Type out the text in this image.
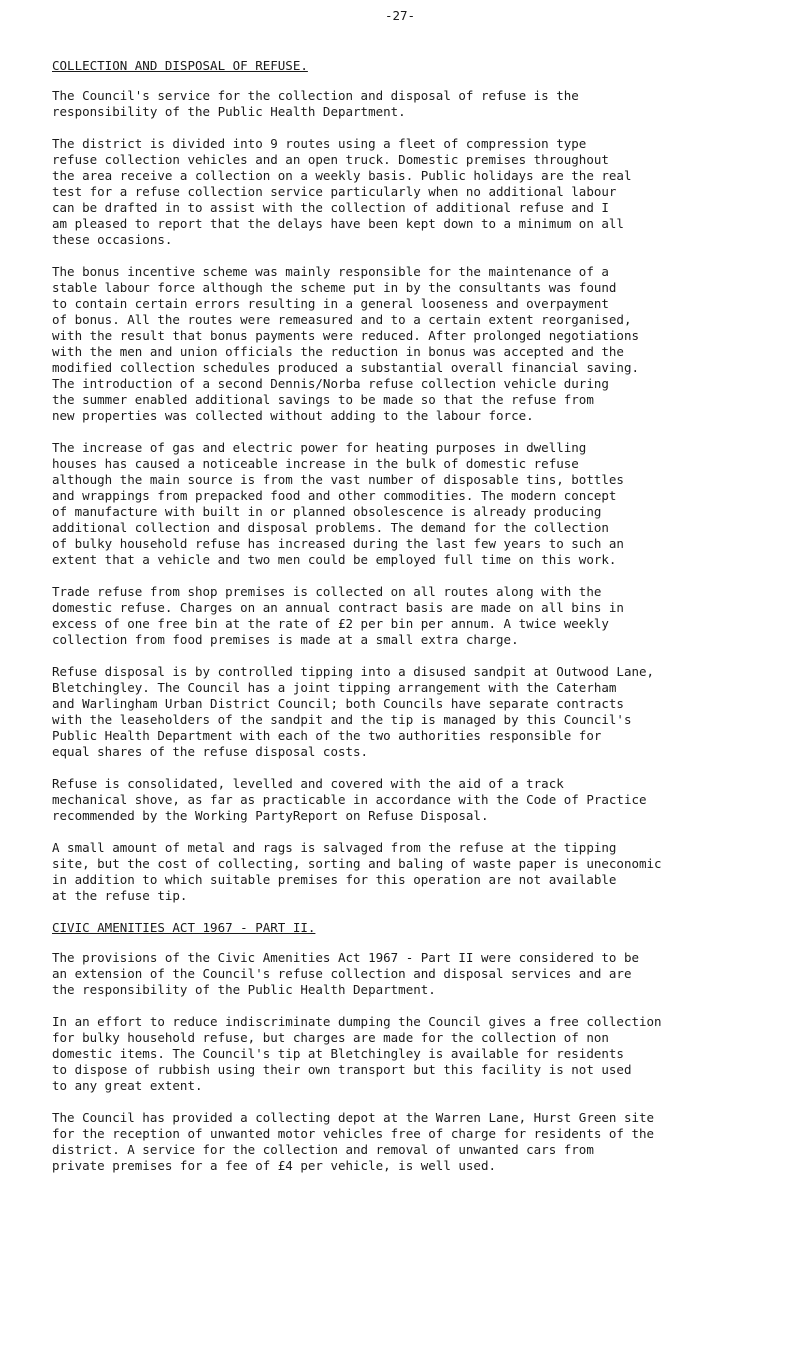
-27-
COLLECTION AND DISPOSAL OF REFUSE.

The Council's service for the collection and disposal of refuse is the
responsibility of the Public Health Department.

The district is divided into 9 routes using a fleet of compression type
refuse collection vehicles and an open truck. Domestic premises throughout
the area receive a collection on a weekly basis. Public holidays are the real
test for a refuse collection service particularly when no additional labour
can be drafted in to assist with the collection of additional refuse and I
am pleased to report that the delays have been kept down to a minimum on all
these occasions.

The bonus incentive scheme was mainly responsible for the maintenance of a
stable labour force although the scheme put in by the consultants was found
to contain certain errors resulting in a general looseness and overpayment
of bonus. All the routes were remeasured and to a certain extent reorganised,
with the result that bonus payments were reduced. After prolonged negotiations
with the men and union officials the reduction in bonus was accepted and the
modified collection schedules produced a substantial overall financial saving.
The introduction of a second Dennis/Norba refuse collection vehicle during
the summer enabled additional savings to be made so that the refuse from
new properties was collected without adding to the labour force.

The increase of gas and electric power for heating purposes in dwelling
houses has caused a noticeable increase in the bulk of domestic refuse
although the main source is from the vast number of disposable tins, bottles
and wrappings from prepacked food and other commodities. The modern concept
of manufacture with built in or planned obsolescence is already producing
additional collection and disposal problems. The demand for the collection
of bulky household refuse has increased during the last few years to such an
extent that a vehicle and two men could be employed full time on this work.

Trade refuse from shop premises is collected on all routes along with the
domestic refuse. Charges on an annual contract basis are made on all bins in
excess of one free bin at the rate of £2 per bin per annum. A twice weekly
collection from food premises is made at a small extra charge.

Refuse disposal is by controlled tipping into a disused sandpit at Outwood Lane,
Bletchingley. The Council has a joint tipping arrangement with the Caterham
and Warlingham Urban District Council; both Councils have separate contracts
with the leaseholders of the sandpit and the tip is managed by this Council's
Public Health Department with each of the two authorities responsible for
equal shares of the refuse disposal costs.

Refuse is consolidated, levelled and covered with the aid of a track
mechanical shove, as far as practicable in accordance with the Code of Practice
recommended by the Working PartyReport on Refuse Disposal.

A small amount of metal and rags is salvaged from the refuse at the tipping
site, but the cost of collecting, sorting and baling of waste paper is uneconomic
in addition to which suitable premises for this operation are not available
at the refuse tip.

CIVIC AMENITIES ACT 1967 - PART II.

The provisions of the Civic Amenities Act 1967 - Part II were considered to be
an extension of the Council's refuse collection and disposal services and are
the responsibility of the Public Health Department.

In an effort to reduce indiscriminate dumping the Council gives a free collection
for bulky household refuse, but charges are made for the collection of non
domestic items. The Council's tip at Bletchingley is available for residents
to dispose of rubbish using their own transport but this facility is not used
to any great extent.

The Council has provided a collecting depot at the Warren Lane, Hurst Green site
for the reception of unwanted motor vehicles free of charge for residents of the
district. A service for the collection and removal of unwanted cars from
private premises for a fee of £4 per vehicle, is well used.
